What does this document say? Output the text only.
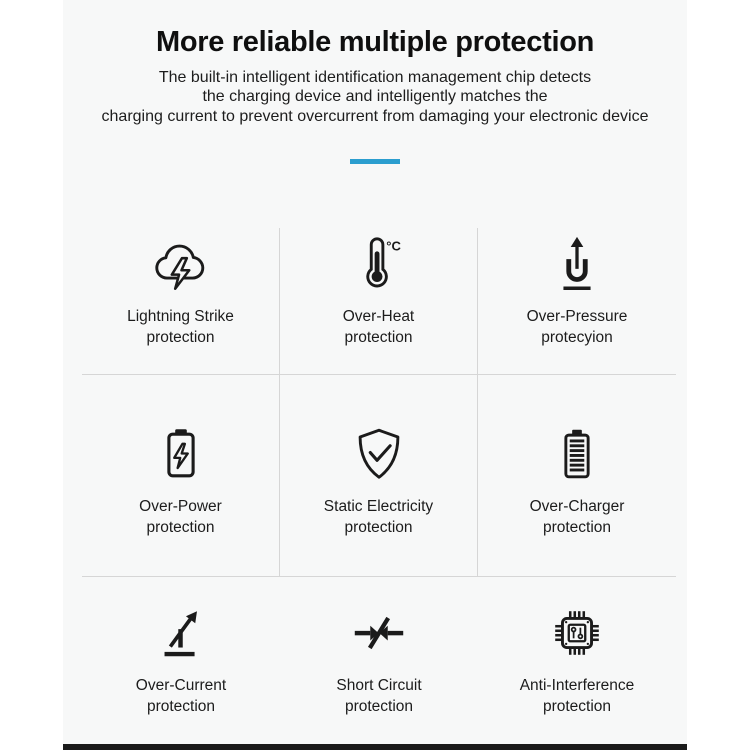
More reliable multiple protection
The built-in intelligent identification management chip detects
the charging device and intelligently matches the
charging current to prevent overcurrent from damaging your electronic device
Lightning Strike
protection
°C
Over-Heat
protection
Over-Pressure
protecyion
Over-Power
protection
Static Electricity
protection
Over-Charger
protection
Over-Current
protection
Short Circuit
protection
Anti-Interference
protection
